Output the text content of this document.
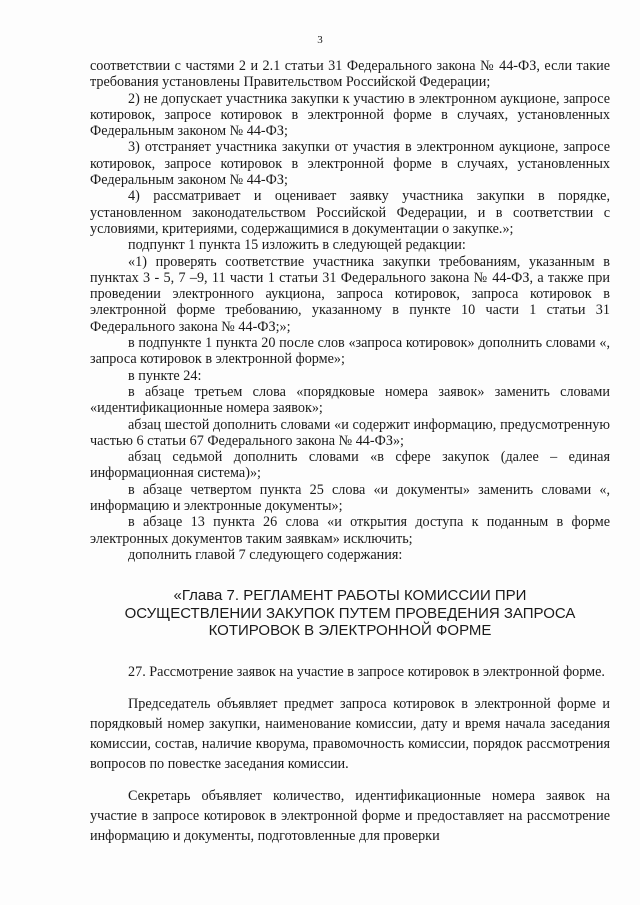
3

соответствии с частями 2 и 2.1 статьи 31 Федерального закона № 44-ФЗ, если такие требования установлены Правительством Российской Федерации;

2) не допускает участника закупки к участию в электронном аукционе, запросе котировок, запросе котировок в электронной форме в случаях, установленных Федеральным законом № 44-ФЗ;

3) отстраняет участника закупки от участия в электронном аукционе, запросе котировок, запросе котировок в электронной форме в случаях, установленных Федеральным законом № 44-ФЗ;

4) рассматривает и оценивает заявку участника закупки в порядке, установленном законодательством Российской Федерации, и в соответствии с условиями, критериями, содержащимися в документации о закупке.»;

подпункт 1 пункта 15 изложить в следующей редакции:

«1) проверять соответствие участника закупки требованиям, указанным в пунктах 3 - 5, 7 –9, 11 части 1 статьи 31 Федерального закона № 44-ФЗ, а также при проведении электронного аукциона, запроса котировок, запроса котировок в электронной форме требованию, указанному в пункте 10 части 1 статьи 31 Федерального закона № 44-ФЗ;»;

в подпункте 1 пункта 20 после слов «запроса котировок» дополнить словами «, запроса котировок в электронной форме»;

в пункте 24:

в абзаце третьем слова «порядковые номера заявок» заменить словами «идентификационные номера заявок»;

абзац шестой дополнить словами «и содержит информацию, предусмотренную частью 6 статьи 67 Федерального закона № 44-ФЗ»;

абзац седьмой дополнить словами «в сфере закупок (далее – единая информационная система)»;

в абзаце четвертом пункта 25 слова «и документы» заменить словами «, информацию и электронные документы»;

в абзаце 13 пункта 26 слова «и открытия доступа к поданным в форме электронных документов таким заявкам» исключить;

дополнить главой 7 следующего содержания:

«Глава 7. РЕГЛАМЕНТ РАБОТЫ КОМИССИИ ПРИ
ОСУЩЕСТВЛЕНИИ ЗАКУПОК ПУТЕМ ПРОВЕДЕНИЯ ЗАПРОСА
КОТИРОВОК В ЭЛЕКТРОННОЙ ФОРМЕ

27. Рассмотрение заявок на участие в запросе котировок в электронной форме.

Председатель объявляет предмет запроса котировок в электронной форме и порядковый номер закупки, наименование комиссии, дату и время начала заседания комиссии, состав, наличие кворума, правомочность комиссии, порядок рассмотрения вопросов по повестке заседания комиссии.

Секретарь объявляет количество, идентификационные номера заявок на участие в запросе котировок в электронной форме и предоставляет на рассмотрение информацию и документы, подготовленные для проверки
